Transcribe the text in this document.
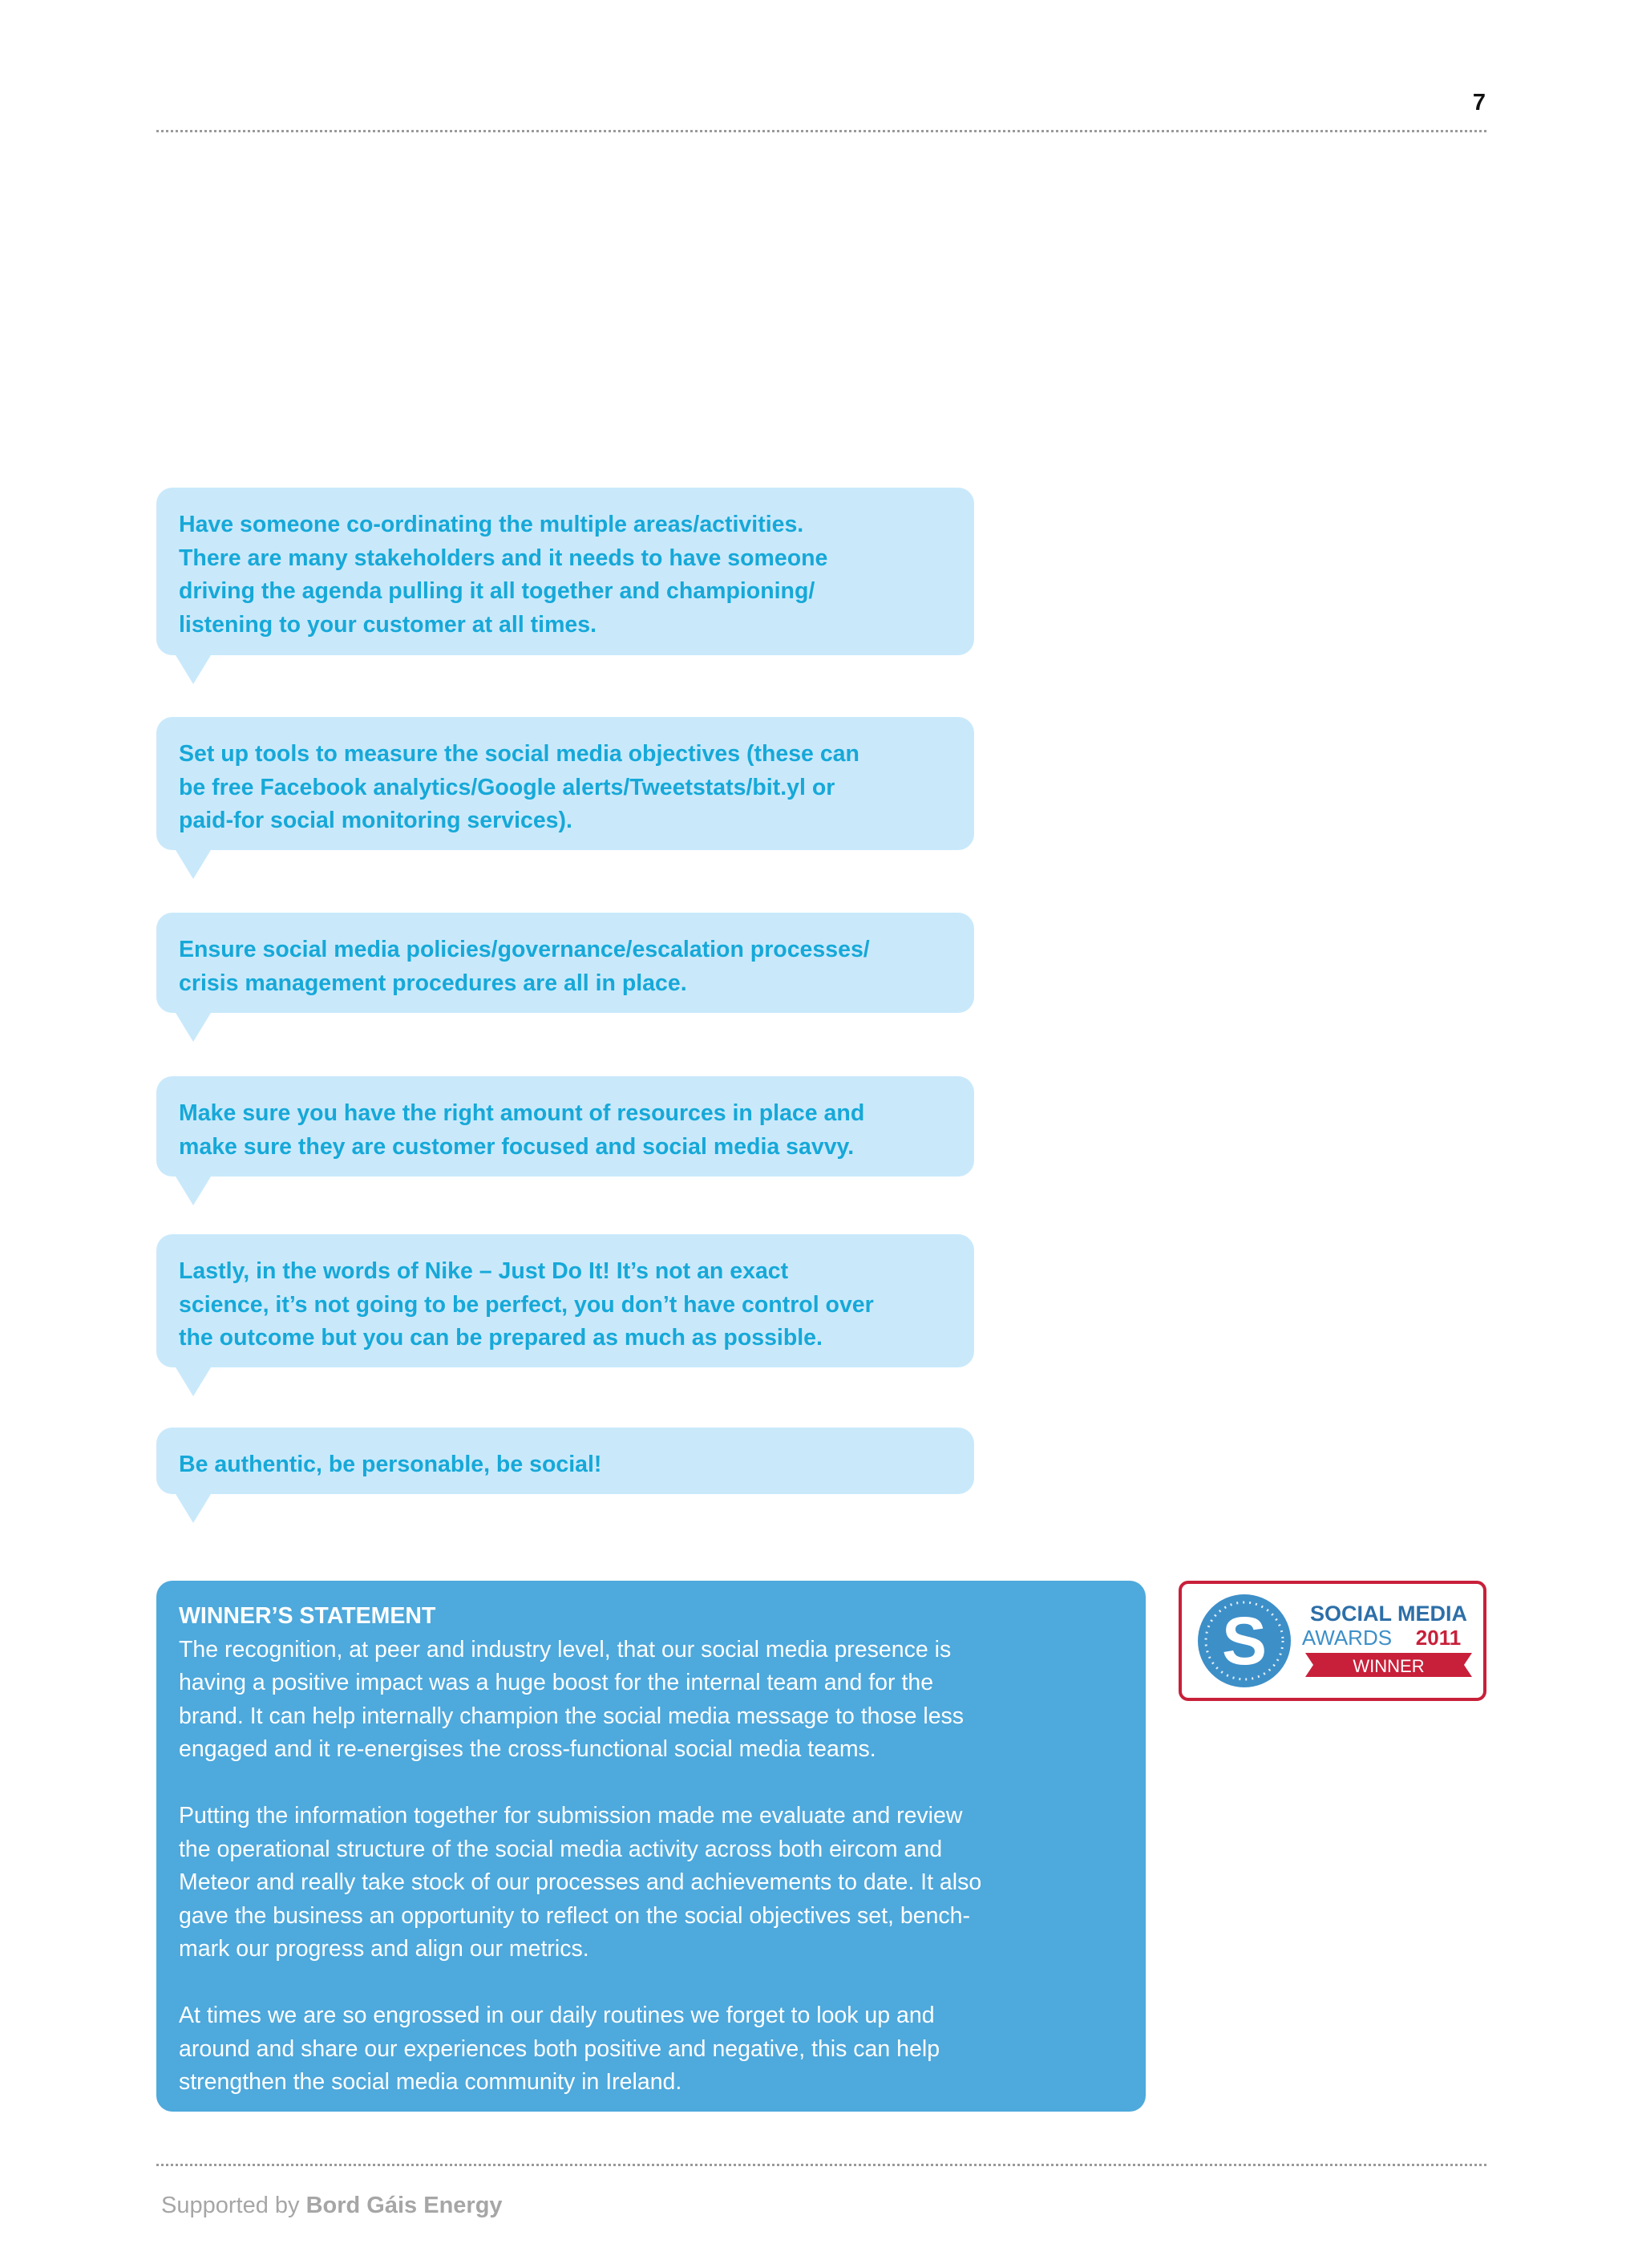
7
Have someone co-ordinating the multiple areas/activities.
There are many stakeholders and it needs to have someone
driving the agenda pulling it all together and championing/
listening to your customer at all times.
Set up tools to measure the social media objectives (these can
be free Facebook analytics/Google alerts/Tweetstats/bit.yl or
paid-for social monitoring services).
Ensure social media policies/governance/escalation processes/
crisis management procedures are all in place.
Make sure you have the right amount of resources in place and
make sure they are customer focused and social media savvy.
Lastly, in the words of Nike – Just Do It! It’s not an exact
science, it’s not going to be perfect, you don’t have control over
the outcome but you can be prepared as much as possible.
Be authentic, be personable, be social!
WINNER’S STATEMENT
The recognition, at peer and industry level, that our social media presence is
having a positive impact was a huge boost for the internal team and for the
brand. It can help internally champion the social media message to those less
engaged and it re-energises the cross-functional social media teams.
Putting the information together for submission made me evaluate and review
the operational structure of the social media activity across both eircom and
Meteor and really take stock of our processes and achievements to date. It also
gave the business an opportunity to reflect on the social objectives set, bench-
mark our progress and align our metrics.
At times we are so engrossed in our daily routines we forget to look up and
around and share our experiences both positive and negative, this can help
strengthen the social media community in Ireland.
S SOCIAL MEDIA
AWARDS 2011
WINNER
Supported by Bord Gáis Energy
